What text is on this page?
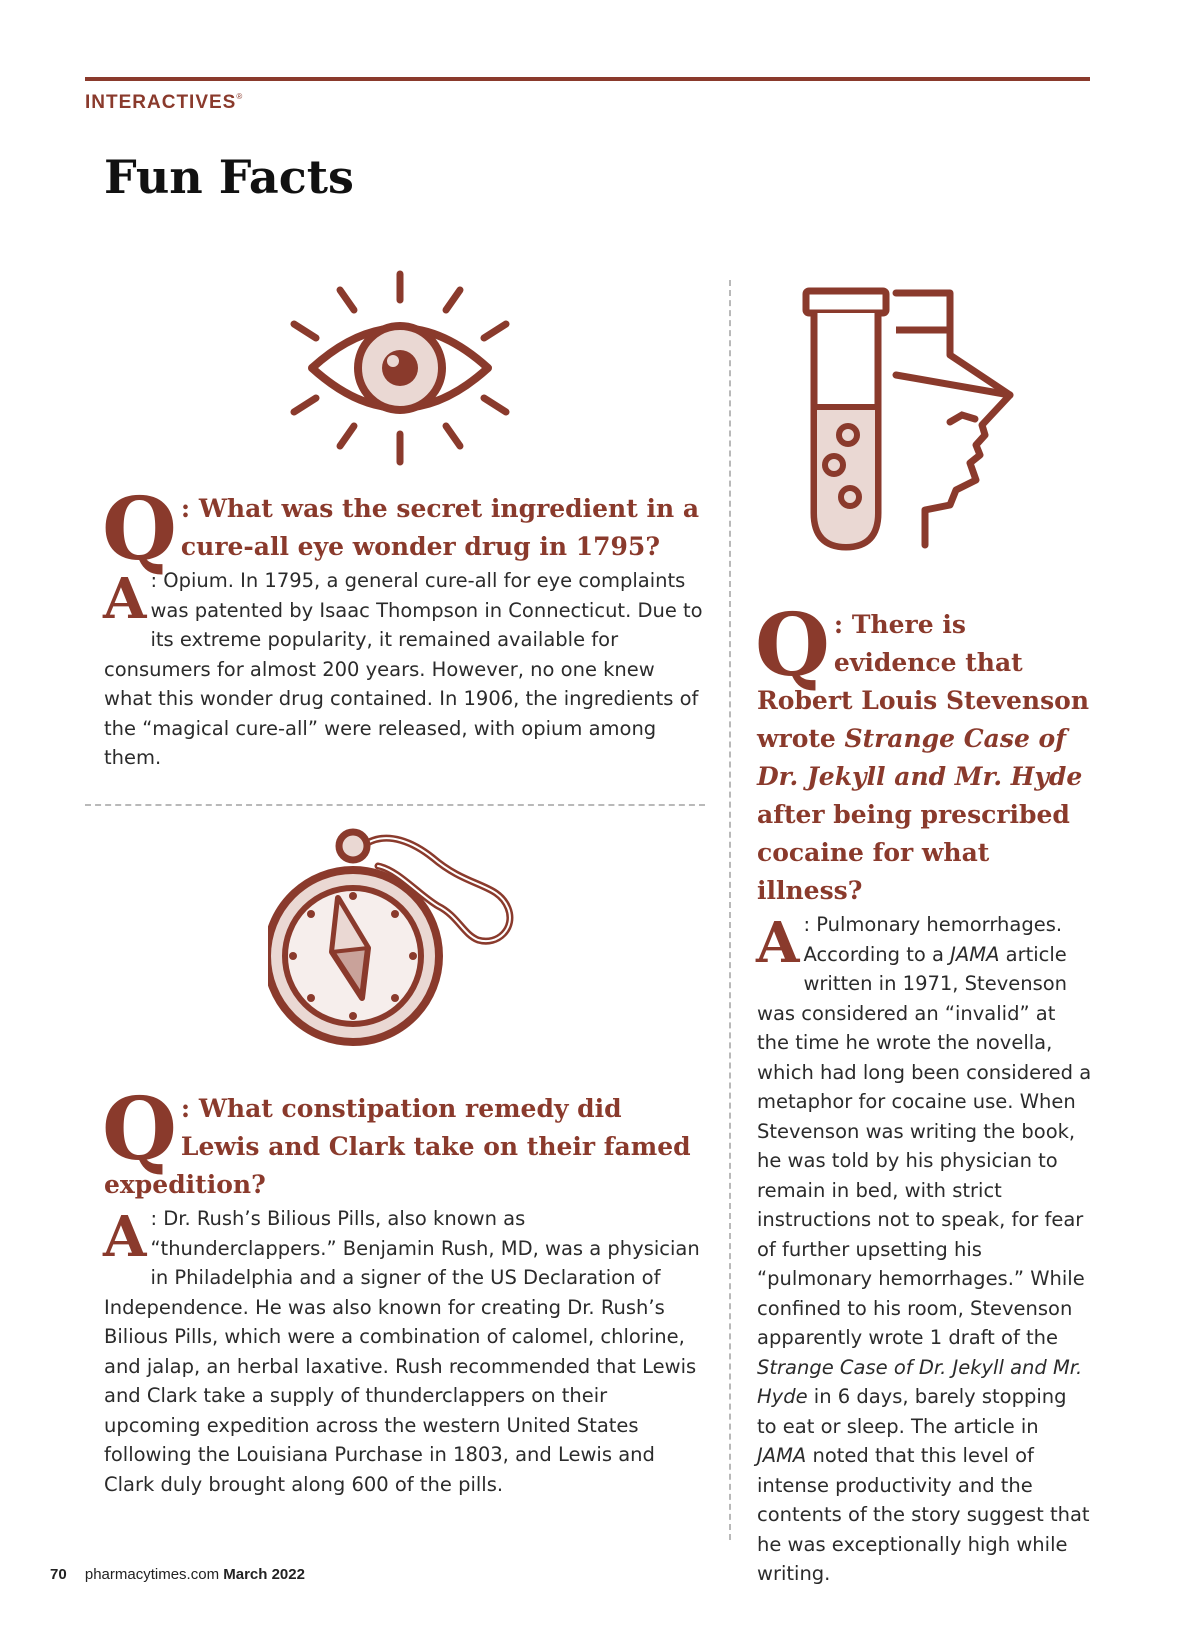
INTERACTIVES®
Fun Facts
Q : What was the secret ingredient in a cure-all eye wonder drug in 1795?

A : Opium. In 1795, a general cure-all for eye complaints was patented by Isaac Thompson in Connecticut. Due to its extreme popularity, it remained available for consumers for almost 200 years. However, no one knew what this wonder drug contained. In 1906, the ingredients of the “magical cure-all” were released, with opium among them.

Q : What constipation remedy did Lewis and Clark take on their famed expedition?

A : Dr. Rush’s Bilious Pills, also known as “thunderclappers.” Benjamin Rush, MD, was a physician in Philadelphia and a signer of the US Declaration of Independence. He was also known for creating Dr. Rush’s Bilious Pills, which were a combination of calomel, chlorine, and jalap, an herbal laxative. Rush recommended that Lewis and Clark take a supply of thunderclappers on their upcoming expedition across the western United States following the Louisiana Purchase in 1803, and Lewis and Clark duly brought along 600 of the pills.

Q : There is evidence that Robert Louis Stevenson wrote Strange Case of Dr. Jekyll and Mr. Hyde after being prescribed cocaine for what illness?

A : Pulmonary hemorrhages. According to a JAMA article written in 1971, Stevenson was considered an “invalid” at the time he wrote the novella, which had long been considered a metaphor for cocaine use. When Stevenson was writing the book, he was told by his physician to remain in bed, with strict instructions not to speak, for fear of further upsetting his “pulmonary hemorrhages.” While confined to his room, Stevenson apparently wrote 1 draft of the Strange Case of Dr. Jekyll and Mr. Hyde in 6 days, barely stopping to eat or sleep. The article in JAMA noted that this level of intense productivity and the contents of the story suggest that he was exceptionally high while writing.

70 pharmacytimes.com March 2022
